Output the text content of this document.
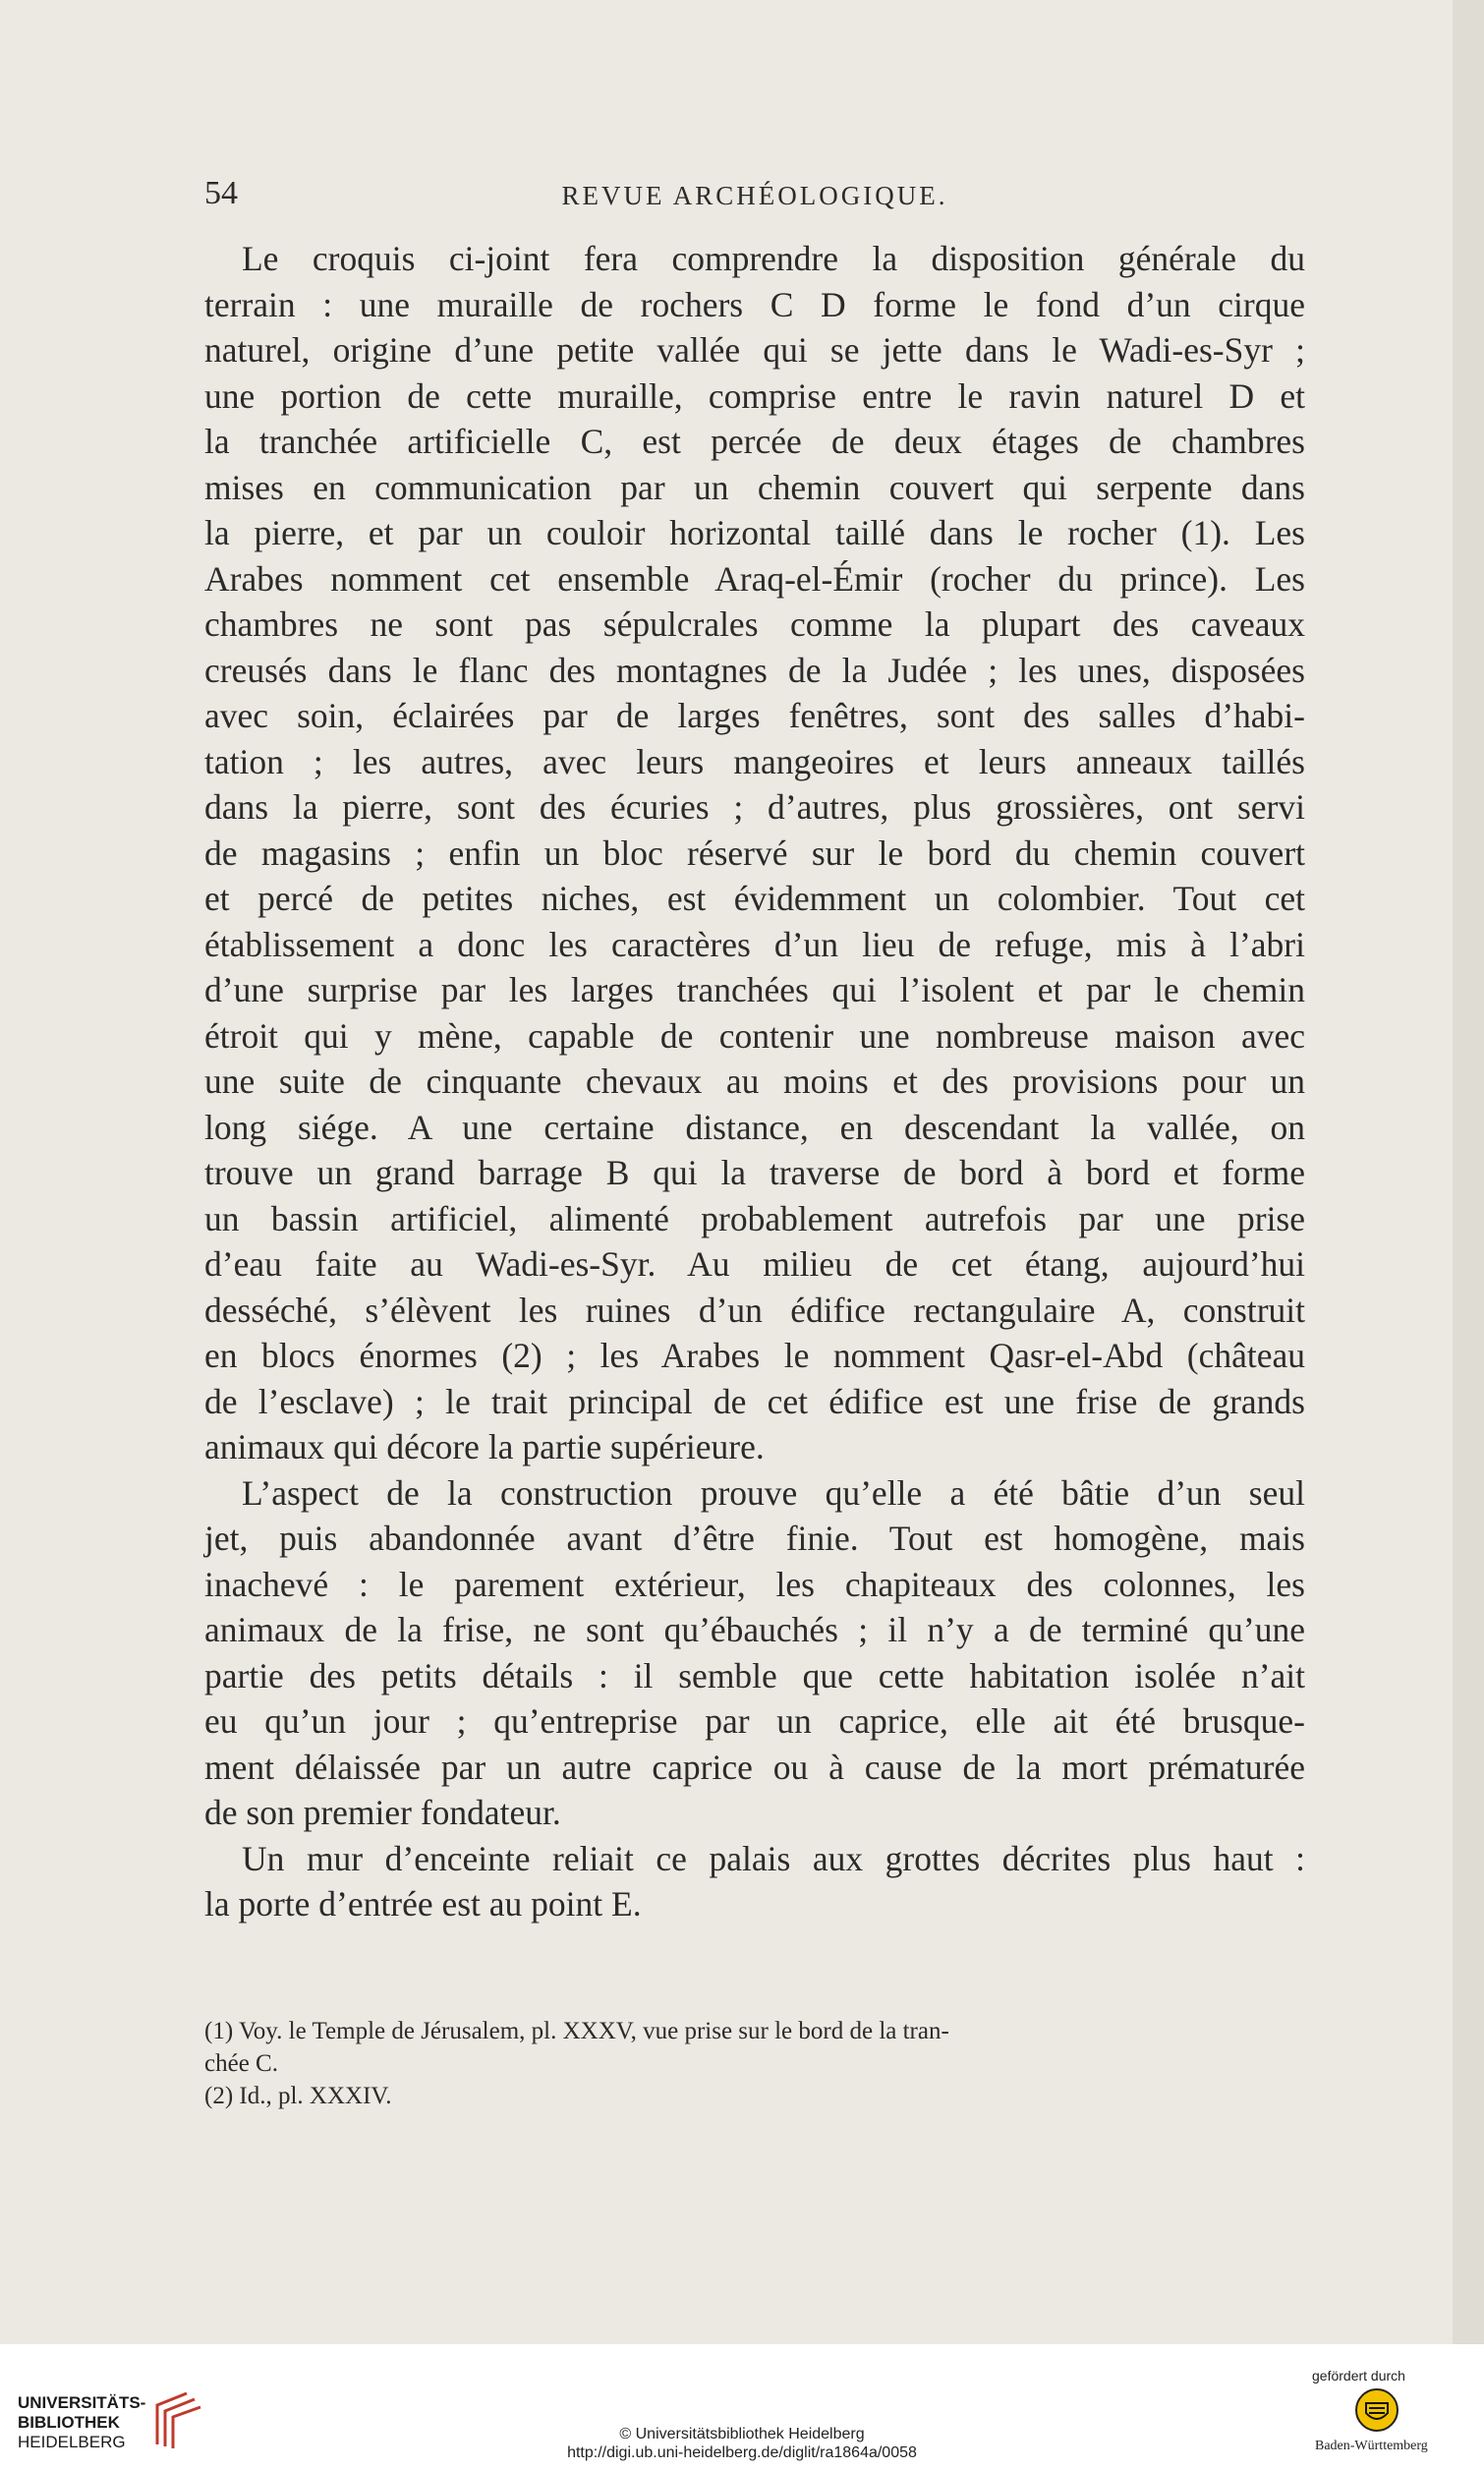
54	REVUE ARCHÉOLOGIQUE.
Le croquis ci-joint fera comprendre la disposition générale du
terrain : une muraille de rochers C D forme le fond d’un cirque
naturel, origine d’une petite vallée qui se jette dans le Wadi-es-Syr ;
une portion de cette muraille, comprise entre le ravin naturel D et
la tranchée artificielle C, est percée de deux étages de chambres
mises en communication par un chemin couvert qui serpente dans
la pierre, et par un couloir horizontal taillé dans le rocher (1). Les
Arabes nomment cet ensemble Araq-el-Émir (rocher du prince). Les
chambres ne sont pas sépulcrales comme la plupart des caveaux
creusés dans le flanc des montagnes de la Judée ; les unes, disposées
avec soin, éclairées par de larges fenêtres, sont des salles d’habi-
tation ; les autres, avec leurs mangeoires et leurs anneaux taillés
dans la pierre, sont des écuries ; d’autres, plus grossières, ont servi
de magasins ; enfin un bloc réservé sur le bord du chemin couvert
et percé de petites niches, est évidemment un colombier. Tout cet
établissement a donc les caractères d’un lieu de refuge, mis à l’abri
d’une surprise par les larges tranchées qui l’isolent et par le chemin
étroit qui y mène, capable de contenir une nombreuse maison avec
une suite de cinquante chevaux au moins et des provisions pour un
long siége. A une certaine distance, en descendant la vallée, on
trouve un grand barrage B qui la traverse de bord à bord et forme
un bassin artificiel, alimenté probablement autrefois par une prise
d’eau faite au Wadi-es-Syr. Au milieu de cet étang, aujourd’hui
desséché, s’élèvent les ruines d’un édifice rectangulaire A, construit
en blocs énormes (2) ; les Arabes le nomment Qasr-el-Abd (château
de l’esclave) ; le trait principal de cet édifice est une frise de grands
animaux qui décore la partie supérieure.
L’aspect de la construction prouve qu’elle a été bâtie d’un seul
jet, puis abandonnée avant d’être finie. Tout est homogène, mais
inachevé : le parement extérieur, les chapiteaux des colonnes, les
animaux de la frise, ne sont qu’ébauchés ; il n’y a de terminé qu’une
partie des petits détails : il semble que cette habitation isolée n’ait
eu qu’un jour ; qu’entreprise par un caprice, elle ait été brusque-
ment délaissée par un autre caprice ou à cause de la mort prématurée
de son premier fondateur.
Un mur d’enceinte reliait ce palais aux grottes décrites plus haut :
la porte d’entrée est au point E.
(1) Voy. le Temple de Jérusalem, pl. XXXV, vue prise sur le bord de la tran-
chée C.
(2) Id., pl. XXXIV.
UNIVERSITÄTS-
BIBLIOTHEK
HEIDELBERG	© Universitätsbibliothek Heidelberg
http://digi.ub.uni-heidelberg.de/diglit/ra1864a/0058
gefördert durch
Baden-Württemberg
